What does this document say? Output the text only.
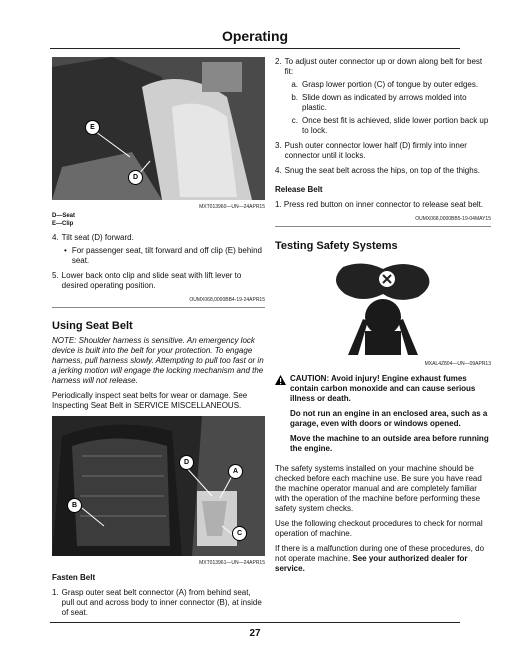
Operating
E
D
MXT013960—UN—24APR15
D—Seat
E—Clip
4. Tilt seat (D) forward.
• For passenger seat, tilt forward and off clip (E) behind seat.
5. Lower back onto clip and slide seat with lift lever to desired operating position.
OUMX068,0000BB4-19-24APR15
Using Seat Belt

NOTE: Shoulder harness is sensitive. An emergency lock device is built into the belt for your protection. To engage harness, pull harness slowly. Attempting to pull too fast or in a jerking motion will engage the locking mechanism and the harness will not release.

Periodically inspect seat belts for wear or damage. See Inspecting Seat Belt in SERVICE MISCELLANEOUS.

D
A
B
C
MXT013961—UN—24APR15
Fasten Belt
1. Grasp outer seat belt connector (A) from behind seat, pull out and across body to inner connector (B), at inside of seat.
2. To adjust outer connector up or down along belt for best fit:
a. Grasp lower portion (C) of tongue by outer edges.
b. Slide down as indicated by arrows molded into plastic.
c. Once best fit is achieved, slide lower portion back up to lock.
3. Push outer connector lower half (D) firmly into inner connector until it locks.
4. Snug the seat belt across the hips, on top of the thighs.
Release Belt

1. Press red button on inner connector to release seat belt.

OUMX068,0000BB5-19-04MAY15
Testing Safety Systems
MXAL4Z804—UN—09APR13

CAUTION: Avoid injury! Engine exhaust fumes contain carbon monoxide and can cause serious illness or death.

Do not run an engine in an enclosed area, such as a garage, even with doors or windows opened.

Move the machine to an outside area before running the engine.

The safety systems installed on your machine should be checked before each machine use. Be sure you have read the machine operator manual and are completely familiar with the operation of the machine before performing these safety system checks.

Use the following checkout procedures to check for normal operation of machine.

If there is a malfunction during one of these procedures, do not operate machine. See your authorized dealer for service.

27
